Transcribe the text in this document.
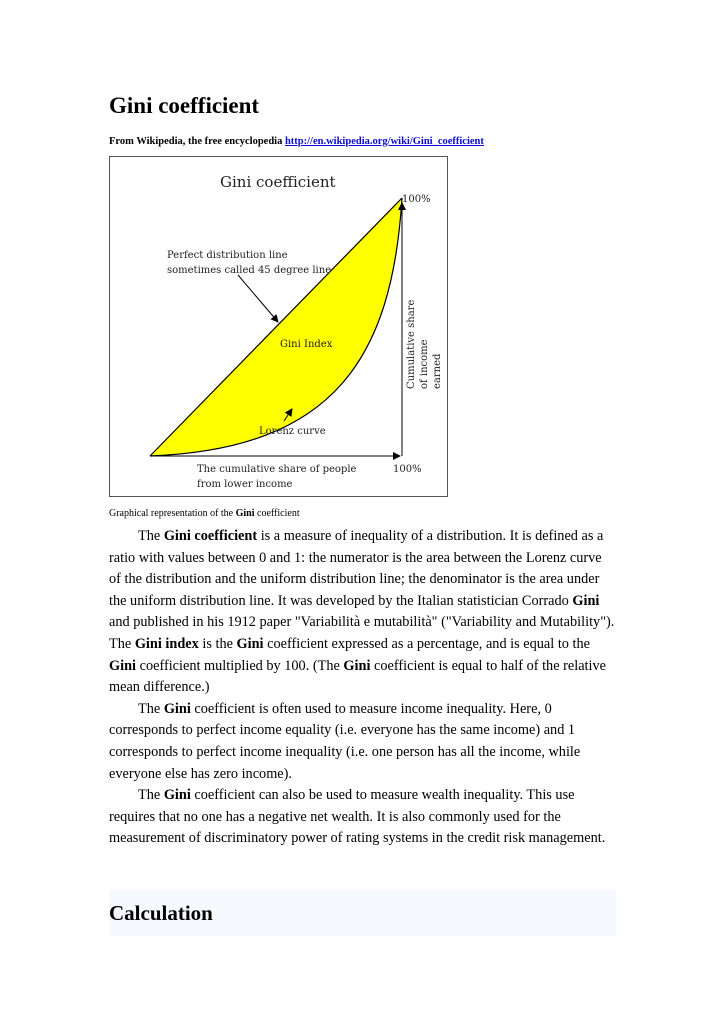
Gini coefficient
From Wikipedia, the free encyclopedia http://en.wikipedia.org/wiki/Gini_coefficient
Gini coefficient
100%
Perfect distribution line
sometimes called 45 degree line
Gini Index
Lorenz curve
100%
The cumulative share of people
from lower income
Cumulative share of income earned
Graphical representation of the Gini coefficient

The Gini coefficient is a measure of inequality of a distribution. It is defined as a ratio with values between 0 and 1: the numerator is the area between the Lorenz curve of the distribution and the uniform distribution line; the denominator is the area under the uniform distribution line. It was developed by the Italian statistician Corrado Gini and published in his 1912 paper "Variabilità e mutabilità" ("Variability and Mutability"). The Gini index is the Gini coefficient expressed as a percentage, and is equal to the Gini coefficient multiplied by 100. (The Gini coefficient is equal to half of the relative mean difference.)

The Gini coefficient is often used to measure income inequality. Here, 0 corresponds to perfect income equality (i.e. everyone has the same income) and 1 corresponds to perfect income inequality (i.e. one person has all the income, while everyone else has zero income).

The Gini coefficient can also be used to measure wealth inequality. This use requires that no one has a negative net wealth. It is also commonly used for the measurement of discriminatory power of rating systems in the credit risk management.

Calculation
